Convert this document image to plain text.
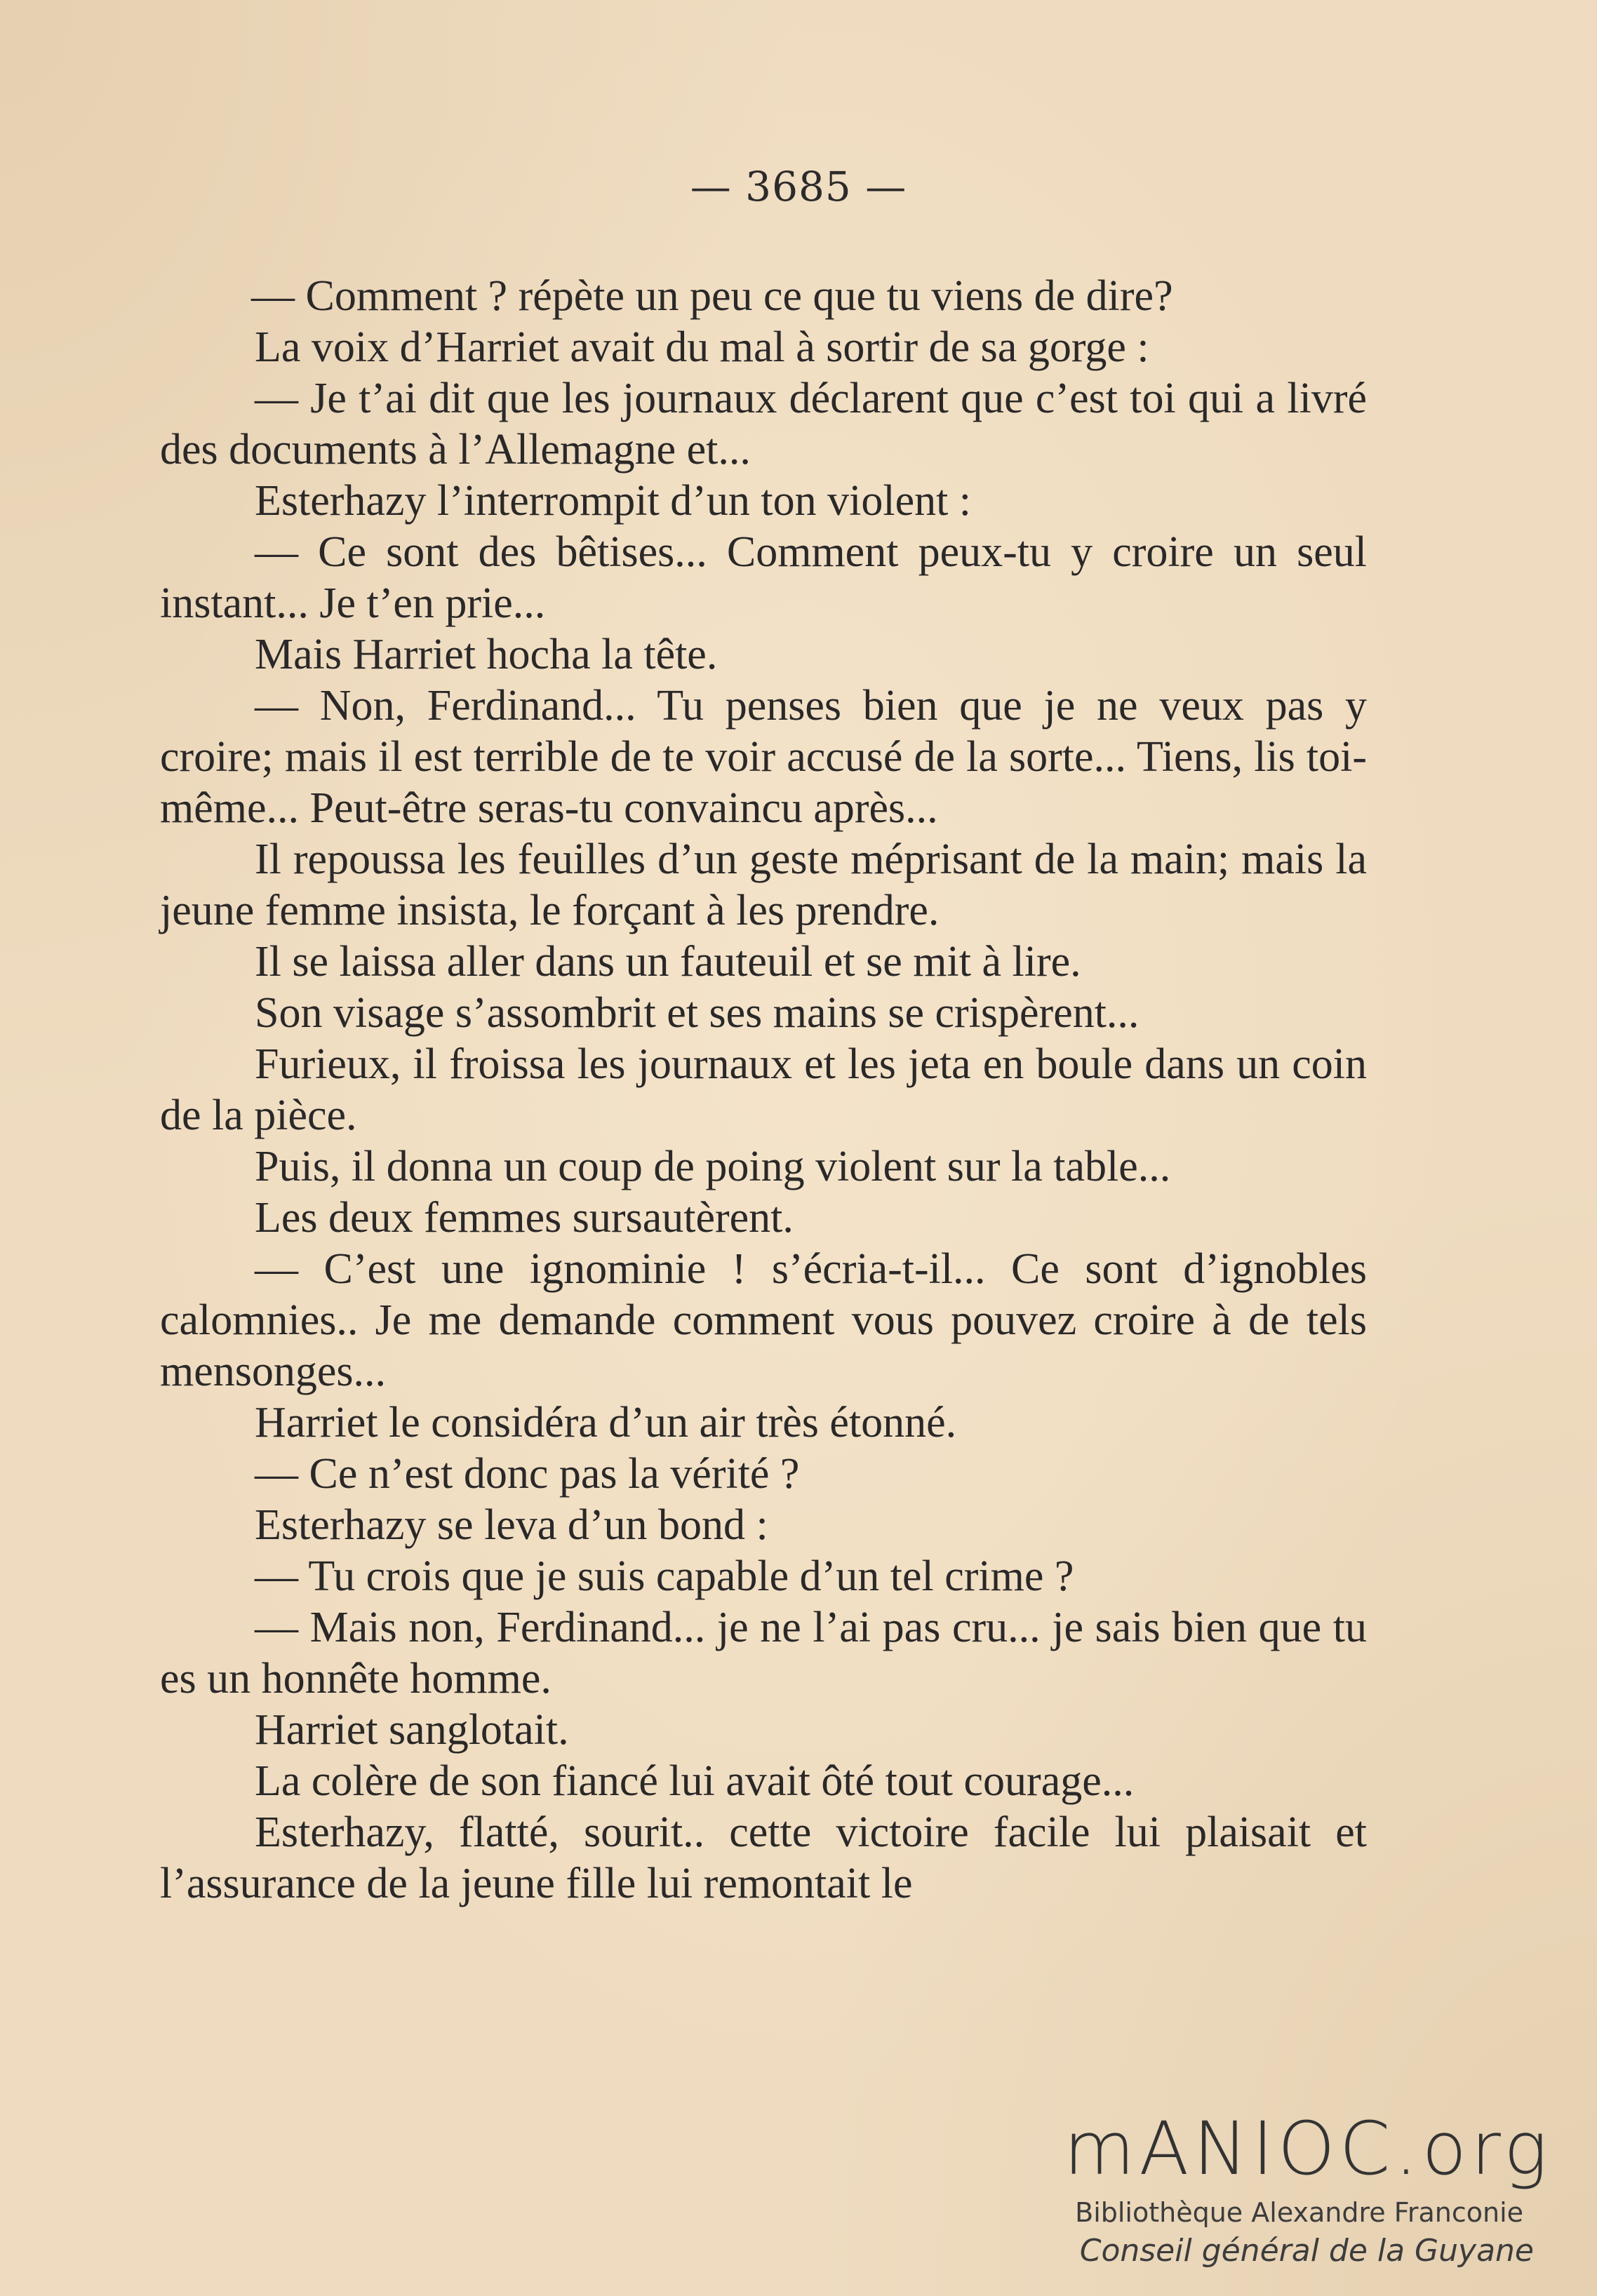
— 3685 —

— Comment ? répète un peu ce que tu viens de dire?

La voix d’Harriet avait du mal à sortir de sa gorge :

— Je t’ai dit que les journaux déclarent que c’est toi qui a livré des documents à l’Allemagne et...

Esterhazy l’interrompit d’un ton violent :

— Ce sont des bêtises... Comment peux-tu y croire un seul instant... Je t’en prie...

Mais Harriet hocha la tête.

— Non, Ferdinand... Tu penses bien que je ne veux pas y croire; mais il est terrible de te voir accusé de la sorte... Tiens, lis toi-même... Peut-être seras-tu convaincu après...

Il repoussa les feuilles d’un geste méprisant de la main; mais la jeune femme insista, le forçant à les prendre.

Il se laissa aller dans un fauteuil et se mit à lire.

Son visage s’assombrit et ses mains se crispèrent...

Furieux, il froissa les journaux et les jeta en boule dans un coin de la pièce.

Puis, il donna un coup de poing violent sur la table...

Les deux femmes sursautèrent.

— C’est une ignominie ! s’écria-t-il... Ce sont d’ignobles calomnies.. Je me demande comment vous pouvez croire à de tels mensonges...

Harriet le considéra d’un air très étonné.

— Ce n’est donc pas la vérité ?

Esterhazy se leva d’un bond :

— Tu crois que je suis capable d’un tel crime ?

— Mais non, Ferdinand... je ne l’ai pas cru... je sais bien que tu es un honnête homme.

Harriet sanglotait.

La colère de son fiancé lui avait ôté tout courage...

Esterhazy, flatté, sourit.. cette victoire facile lui plaisait et l’assurance de la jeune fille lui remontait le

mANIOC.org
Bibliothèque Alexandre Franconie
Conseil général de la Guyane
